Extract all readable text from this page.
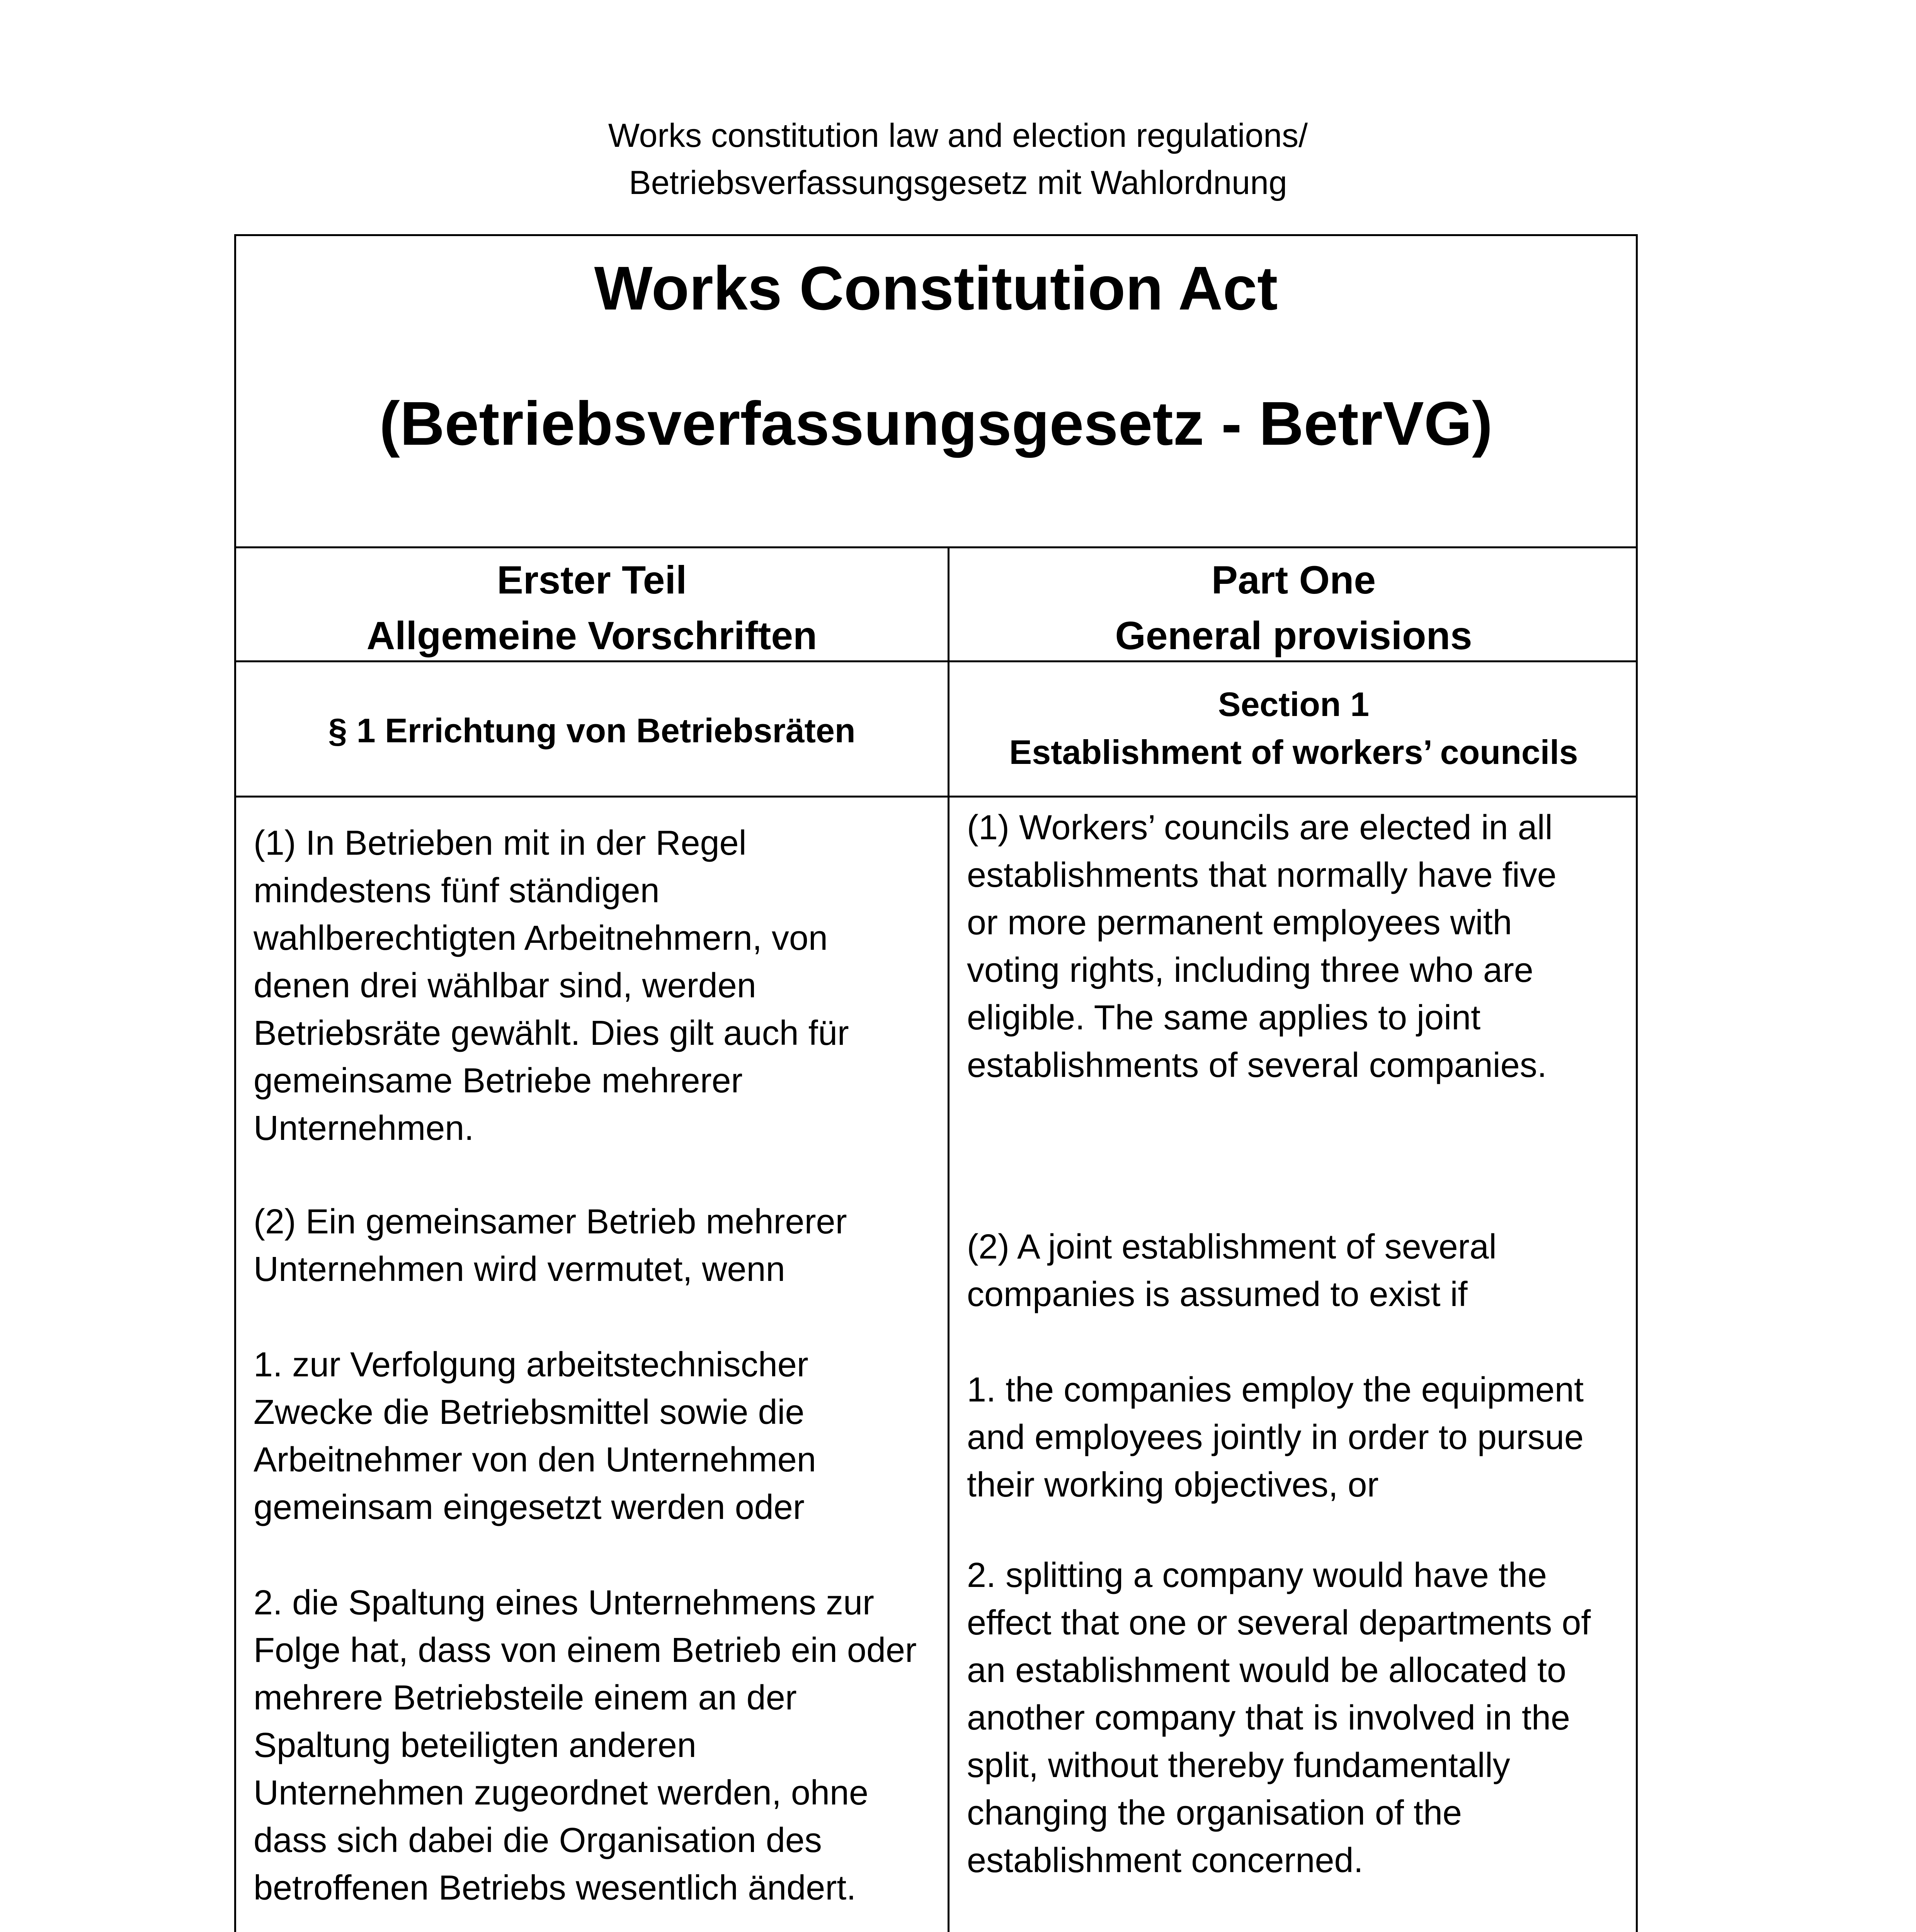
Works constitution law and election regulations/
Betriebsverfassungsgesetz mit Wahlordnung
Works Constitution Act
(Betriebsverfassungsgesetz - BetrVG)
Erster Teil
Allgemeine Vorschriften
Part One
General provisions
§ 1 Errichtung von Betriebsräten
Section 1
Establishment of workers’ councils
(1) In Betrieben mit in der Regel
mindestens fünf ständigen
wahlberechtigten Arbeitnehmern, von
denen drei wählbar sind, werden
Betriebsräte gewählt. Dies gilt auch für
gemeinsame Betriebe mehrerer
Unternehmen.
(2) Ein gemeinsamer Betrieb mehrerer
Unternehmen wird vermutet, wenn
1. zur Verfolgung arbeitstechnischer
Zwecke die Betriebsmittel sowie die
Arbeitnehmer von den Unternehmen
gemeinsam eingesetzt werden oder
2. die Spaltung eines Unternehmens zur
Folge hat, dass von einem Betrieb ein oder
mehrere Betriebsteile einem an der
Spaltung beteiligten anderen
Unternehmen zugeordnet werden, ohne
dass sich dabei die Organisation des
betroffenen Betriebs wesentlich ändert.
(1) Workers’ councils are elected in all
establishments that normally have five
or more permanent employees with
voting rights, including three who are
eligible. The same applies to joint
establishments of several companies.
(2) A joint establishment of several
companies is assumed to exist if
1. the companies employ the equipment
and employees jointly in order to pursue
their working objectives, or
2. splitting a company would have the
effect that one or several departments of
an establishment would be allocated to
another company that is involved in the
split, without thereby fundamentally
changing the organisation of the
establishment concerned.
